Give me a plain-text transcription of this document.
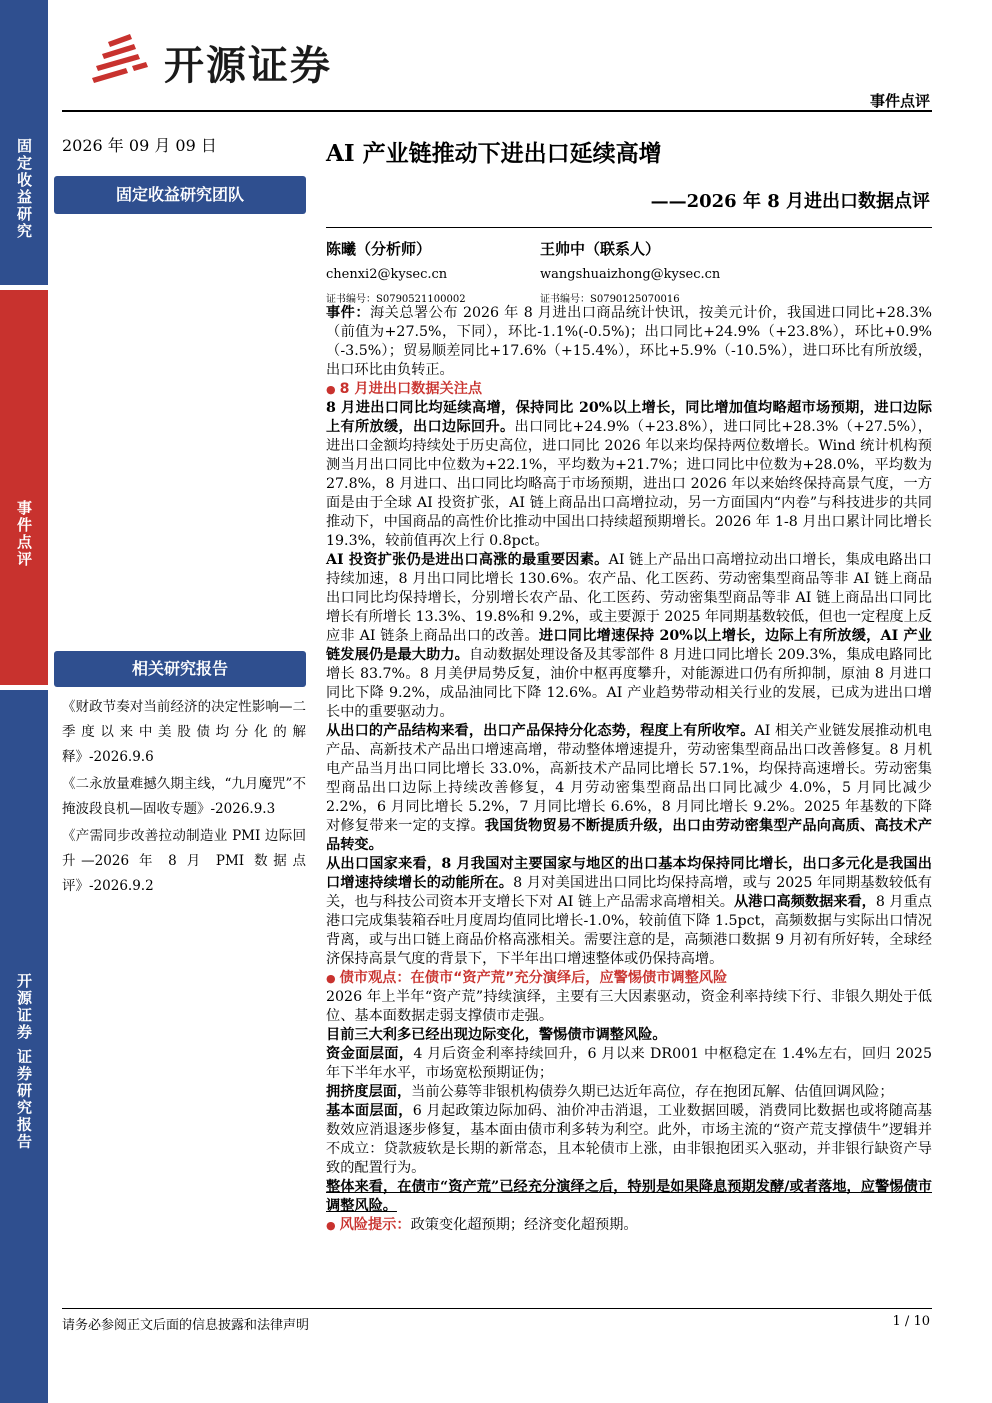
固定收益研究
事件点评
开源证券 证券研究报告
开源证券
事件点评
2026 年 09 月 09 日
固定收益研究团队
相关研究报告
《财政节奏对当前经济的决定性影响—二季度以来中美股债均分化的解释》-2026.9.6
《二永放量难撼久期主线，“九月魔咒”不掩波段良机—固收专题》-2026.9.3
《产需同步改善拉动制造业 PMI 边际回升—2026 年 8 月 PMI 数据点评》-2026.9.2
AI 产业链推动下进出口延续高增
——2026 年 8 月进出口数据点评
陈曦（分析师）
chenxi2@kysec.cn
证书编号：S0790521100002
王帅中（联系人）
wangshuaizhong@kysec.cn
证书编号：S0790125070016

事件：海关总署公布 2026 年 8 月进出口商品统计快讯，按美元计价，我国进口同比+28.3%（前值为+27.5%，下同），环比-1.1%(-0.5%)；出口同比+24.9%（+23.8%），环比+0.9%（-3.5%）；贸易顺差同比+17.6%（+15.4%），环比+5.9%（-10.5%），进口环比有所放缓，出口环比由负转正。

● 8 月进出口数据关注点

8 月进出口同比均延续高增，保持同比 20%以上增长，同比增加值均略超市场预期，进口边际上有所放缓，出口边际回升。出口同比+24.9%（+23.8%），进口同比+28.3%（+27.5%），进出口金额均持续处于历史高位，进口同比 2026 年以来均保持两位数增长。Wind 统计机构预测当月出口同比中位数为+22.1%，平均数为+21.7%；进口同比中位数为+28.0%，平均数为 27.8%，8 月进口、出口同比均略高于市场预期，进出口 2026 年以来始终保持高景气度，一方面是由于全球 AI 投资扩张，AI 链上商品出口高增拉动，另一方面国内“内卷”与科技进步的共同推动下，中国商品的高性价比推动中国出口持续超预期增长。2026 年 1-8 月出口累计同比增长 19.3%，较前值再次上行 0.8pct。

AI 投资扩张仍是进出口高涨的最重要因素。AI 链上产品出口高增拉动出口增长，集成电路出口持续加速，8 月出口同比增长 130.6%。农产品、化工医药、劳动密集型商品等非 AI 链上商品出口同比均保持增长，分别增长农产品、化工医药、劳动密集型商品等非 AI 链上商品出口同比增长有所增长 13.3%、19.8%和 9.2%，或主要源于 2025 年同期基数较低，但也一定程度上反应非 AI 链条上商品出口的改善。进口同比增速保持 20%以上增长，边际上有所放缓，AI 产业链发展仍是最大助力。自动数据处理设备及其零部件 8 月进口同比增长 209.3%，集成电路同比增长 83.7%。8 月美伊局势反复，油价中枢再度攀升，对能源进口仍有所抑制，原油 8 月进口同比下降 9.2%，成品油同比下降 12.6%。AI 产业趋势带动相关行业的发展，已成为进出口增长中的重要驱动力。

从出口的产品结构来看，出口产品保持分化态势，程度上有所收窄。AI 相关产业链发展推动机电产品、高新技术产品出口增速高增，带动整体增速提升，劳动密集型商品出口改善修复。8 月机电产品当月出口同比增长 33.0%，高新技术产品同比增长 57.1%，均保持高速增长。劳动密集型商品出口边际上持续改善修复，4 月劳动密集型商品出口同比减少 4.0%，5 月同比减少 2.2%，6 月同比增长 5.2%，7 月同比增长 6.6%，8 月同比增长 9.2%。2025 年基数的下降对修复带来一定的支撑。我国货物贸易不断提质升级，出口由劳动密集型产品向高质、高技术产品转变。

从出口国家来看，8 月我国对主要国家与地区的出口基本均保持同比增长，出口多元化是我国出口增速持续增长的动能所在。8 月对美国进出口同比均保持高增，或与 2025 年同期基数较低有关，也与科技公司资本开支增长下对 AI 链上产品需求高增相关。从港口高频数据来看，8 月重点港口完成集装箱吞吐月度周均值同比增长-1.0%，较前值下降 1.5pct，高频数据与实际出口情况背离，或与出口链上商品价格高涨相关。需要注意的是，高频港口数据 9 月初有所好转，全球经济保持高景气度的背景下，下半年出口增速整体或仍保持高增。

● 债市观点：在债市“资产荒”充分演绎后，应警惕债市调整风险

2026 年上半年“资产荒”持续演绎，主要有三大因素驱动，资金利率持续下行、非银久期处于低位、基本面数据走弱支撑债市走强。

目前三大利多已经出现边际变化，警惕债市调整风险。

资金面层面，4 月后资金利率持续回升，6 月以来 DR001 中枢稳定在 1.4%左右，回归 2025 年下半年水平，市场宽松预期证伪；

拥挤度层面，当前公募等非银机构债券久期已达近年高位，存在抱团瓦解、估值回调风险；

基本面层面，6 月起政策边际加码、油价冲击消退，工业数据回暖，消费同比数据也或将随高基数效应消退逐步修复，基本面由债市利多转为利空。此外，市场主流的“资产荒支撑债牛”逻辑并不成立：贷款疲软是长期的新常态，且本轮债市上涨，由非银抱团买入驱动，并非银行缺资产导致的配置行为。

整体来看，在债市“资产荒”已经充分演绎之后，特别是如果降息预期发酵/或者落地，应警惕债市调整风险。

● 风险提示：政策变化超预期；经济变化超预期。

请务必参阅正文后面的信息披露和法律声明	1 / 10
